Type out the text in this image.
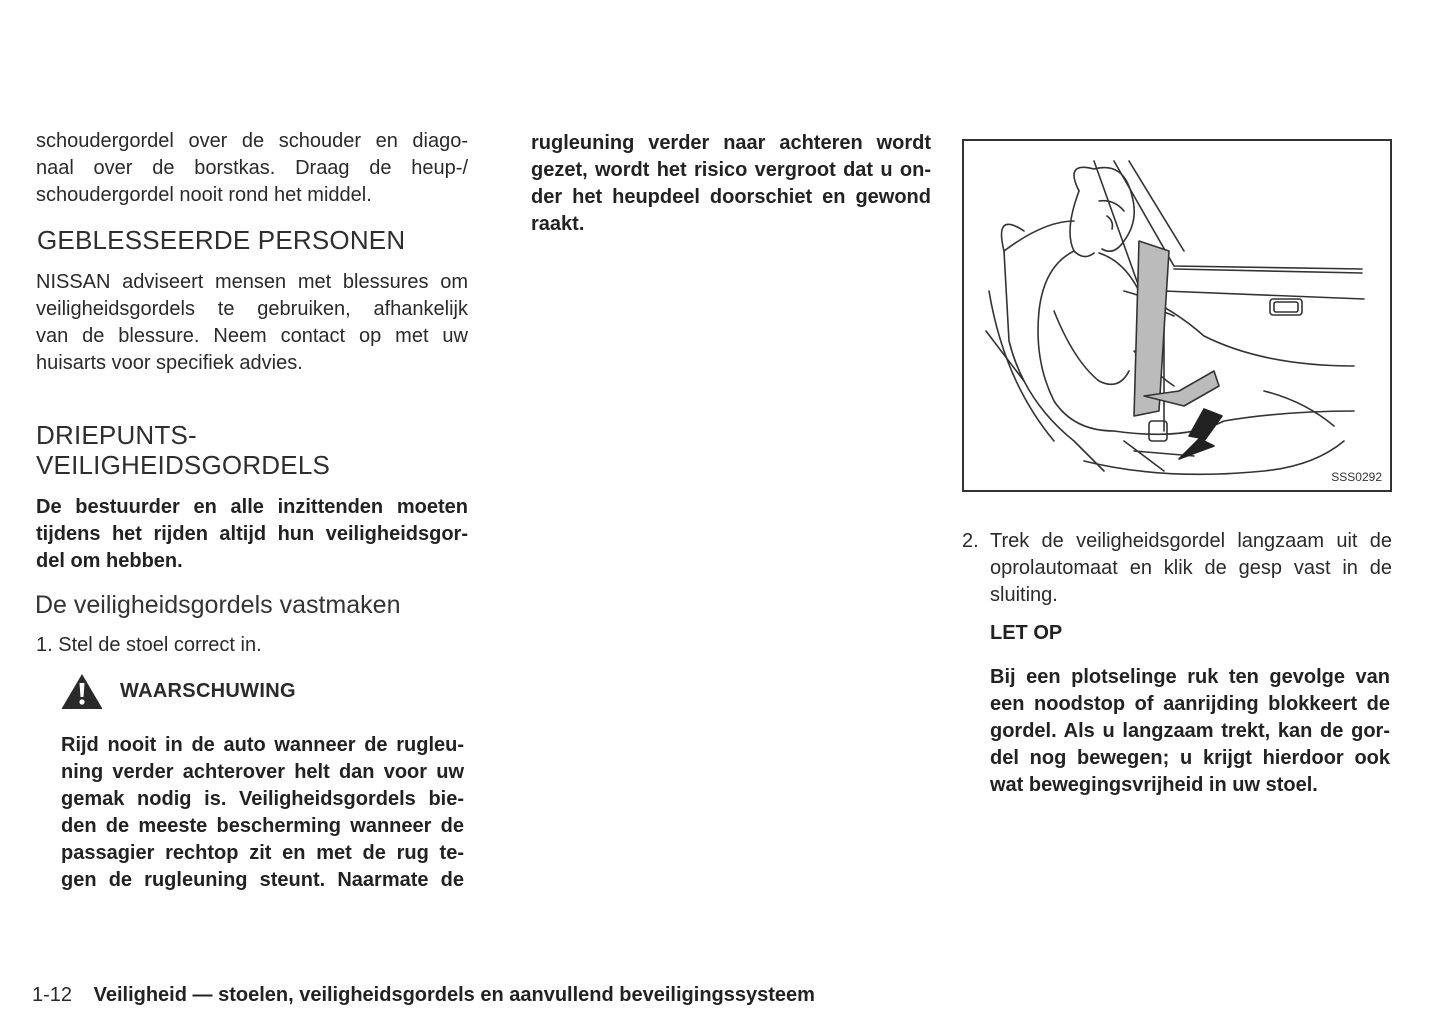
schoudergordel over de schouder en diago-

naal over de borstkas. Draag de heup-/

schoudergordel nooit rond het middel.

GEBLESSEERDE PERSONEN

NISSAN adviseert mensen met blessures om

veiligheidsgordels te gebruiken, afhankelijk

van de blessure. Neem contact op met uw

huisarts voor specifiek advies.

DRIEPUNTS-
VEILIGHEIDSGORDELS

De bestuurder en alle inzittenden moeten

tijdens het rijden altijd hun veiligheidsgor-

del om hebben.

De veiligheidsgordels vastmaken

1. Stel de stoel correct in.

WAARSCHUWING

Rijd nooit in de auto wanneer de rugleu-

ning verder achterover helt dan voor uw

gemak nodig is. Veiligheidsgordels bie-

den de meeste bescherming wanneer de

passagier rechtop zit en met de rug te-

gen de rugleuning steunt. Naarmate de

rugleuning verder naar achteren wordt

gezet, wordt het risico vergroot dat u on-

der het heupdeel doorschiet en gewond

raakt.

SSS0292
2. Trek de veiligheidsgordel langzaam uit de

oprolautomaat en klik de gesp vast in de

sluiting.

LET OP

Bij een plotselinge ruk ten gevolge van

een noodstop of aanrijding blokkeert de

gordel. Als u langzaam trekt, kan de gor-

del nog bewegen; u krijgt hierdoor ook

wat bewegingsvrijheid in uw stoel.

1-12 Veiligheid — stoelen, veiligheidsgordels en aanvullend beveiligingssysteem
